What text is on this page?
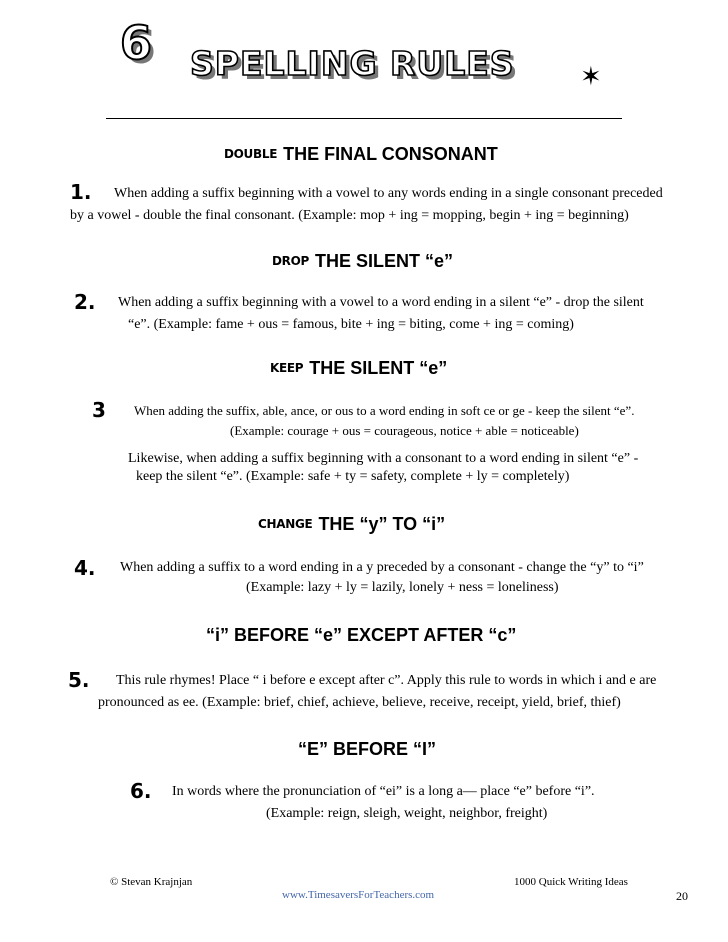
6 SPELLING RULES	✶
DOUBLE THE FINAL CONSONANT
1. When adding a suffix beginning with a vowel to any words ending in a single consonant preceded
by a vowel - double the final consonant. (Example: mop + ing = mopping, begin + ing = beginning)
DROP THE SILENT “e”
2. When adding a suffix beginning with a vowel to a word ending in a silent “e” - drop the silent
“e”. (Example: fame + ous = famous, bite + ing = biting, come + ing = coming)
KEEP THE SILENT “e”
3 When adding the suffix, able, ance, or ous to a word ending in soft ce or ge - keep the silent “e”.
(Example: courage + ous = courageous, notice + able = noticeable)
Likewise, when adding a suffix beginning with a consonant to a word ending in silent “e” -
keep the silent “e”. (Example: safe + ty = safety, complete + ly = completely)
CHANGE THE “y” TO “i”
4. When adding a suffix to a word ending in a y preceded by a consonant - change the “y” to “i”
(Example: lazy + ly = lazily, lonely + ness = loneliness)
“i” BEFORE “e” EXCEPT AFTER “c”
5. This rule rhymes! Place “ i before e except after c”. Apply this rule to words in which i and e are
pronounced as ee. (Example: brief, chief, achieve, believe, receive, receipt, yield, brief, thief)
“E” BEFORE “I”
6. In words where the pronunciation of “ei” is a long a— place “e” before “i”.
(Example: reign, sleigh, weight, neighbor, freight)
© Stevan Krajnjan
www.TimesaversForTeachers.com
1000 Quick Writing Ideas
20
